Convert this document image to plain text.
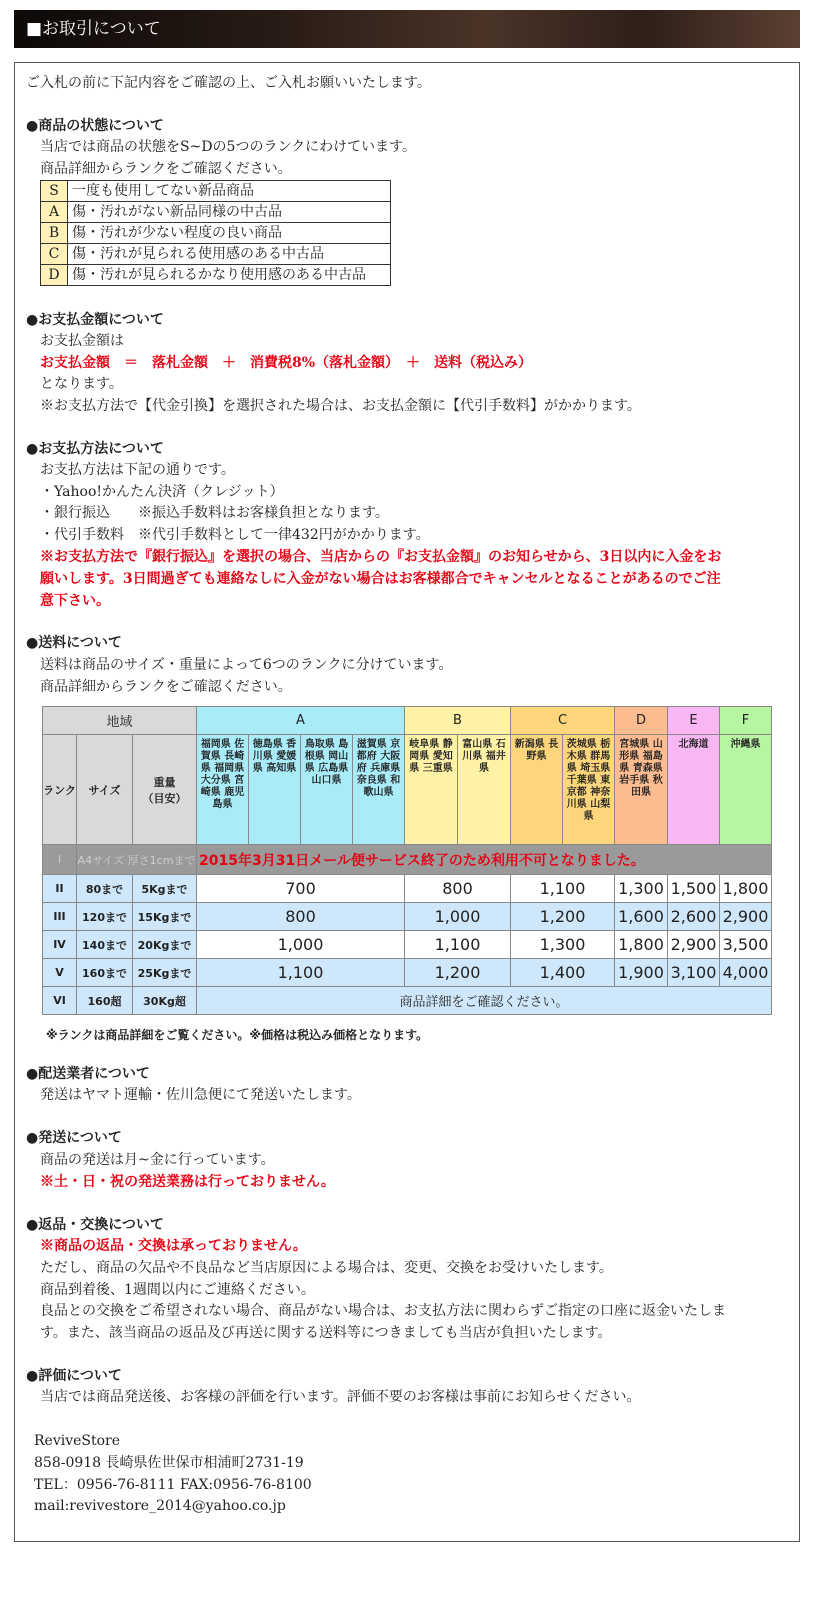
■お取引について
ご入札の前に下記内容をご確認の上、ご入札お願いいたします。
●商品の状態について
当店では商品の状態をS~Dの5つのランクにわけています。
商品詳細からランクをご確認ください。
S	一度も使用してない新品商品
A	傷・汚れがない新品同様の中古品
B	傷・汚れが少ない程度の良い商品
C	傷・汚れが見られる使用感のある中古品
D	傷・汚れが見られるかなり使用感のある中古品
●お支払金額について
お支払金額は
お支払金額　＝　落札金額　＋　消費税8%（落札金額）　＋　送料（税込み）
となります。
※お支払方法で【代金引換】を選択された場合は、お支払金額に【代引手数料】がかかります。
●お支払方法について
お支払方法は下記の通りです。
・Yahoo!かんたん決済（クレジット）
・銀行振込　　※振込手数料はお客様負担となります。
・代引手数料　※代引手数料として一律432円がかかります。
※お支払方法で『銀行振込』を選択の場合、当店からの『お支払金額』のお知らせから、3日以内に入金をお
願いします。3日間過ぎても連絡なしに入金がない場合はお客様都合でキャンセルとなることがあるのでご注
意下さい。
●送料について
送料は商品のサイズ・重量によって6つのランクに分けています。
商品詳細からランクをご確認ください。
地域			A				B		C		D	E	F
ランク	サイズ	重量
（目安）	福岡県 佐賀県 長崎県 福岡県 大分県 宮崎県 鹿児島県	徳島県 香川県 愛媛県 高知県	鳥取県 島根県 岡山県 広島県 山口県	滋賀県 京都府 大阪府 兵庫県 奈良県 和歌山県	岐阜県 静岡県 愛知県 三重県	富山県 石川県 福井県	新潟県 長野県	茨城県 栃木県 群馬県 埼玉県 千葉県 東京都 神奈川県 山梨県	宮城県 山形県 福島県 青森県 岩手県 秋田県	北海道	沖縄県
I	A4サイズ 厚さ1cmまで		2015年3月31日メール便サービス終了のため利用不可となりました。										
II	80まで	5Kgまで	700				800		1,100		1,300	1,500	1,800
III	120まで	15Kgまで	800				1,000		1,200		1,600	2,600	2,900
IV	140まで	20Kgまで	1,000				1,100		1,300		1,800	2,900	3,500
V	160まで	25Kgまで	1,100				1,200		1,400		1,900	3,100	4,000
VI	160超	30Kg超	商品詳細をご確認ください。										
※ランクは商品詳細をご覧ください。※価格は税込み価格となります。
●配送業者について
発送はヤマト運輸・佐川急便にて発送いたします。
●発送について
商品の発送は月~金に行っています。
※土・日・祝の発送業務は行っておりません。
●返品・交換について
※商品の返品・交換は承っておりません。
ただし、商品の欠品や不良品など当店原因による場合は、変更、交換をお受けいたします。
商品到着後、1週間以内にご連絡ください。
良品との交換をご希望されない場合、商品がない場合は、お支払方法に関わらずご指定の口座に返金いたしま
す。また、該当商品の返品及び再送に関する送料等につきましても当店が負担いたします。
●評価について
当店では商品発送後、お客様の評価を行います。評価不要のお客様は事前にお知らせください。
ReviveStore
858-0918 長崎県佐世保市相浦町2731-19
TEL：0956-76-8111 FAX:0956-76-8100
mail:revivestore_2014@yahoo.co.jp
